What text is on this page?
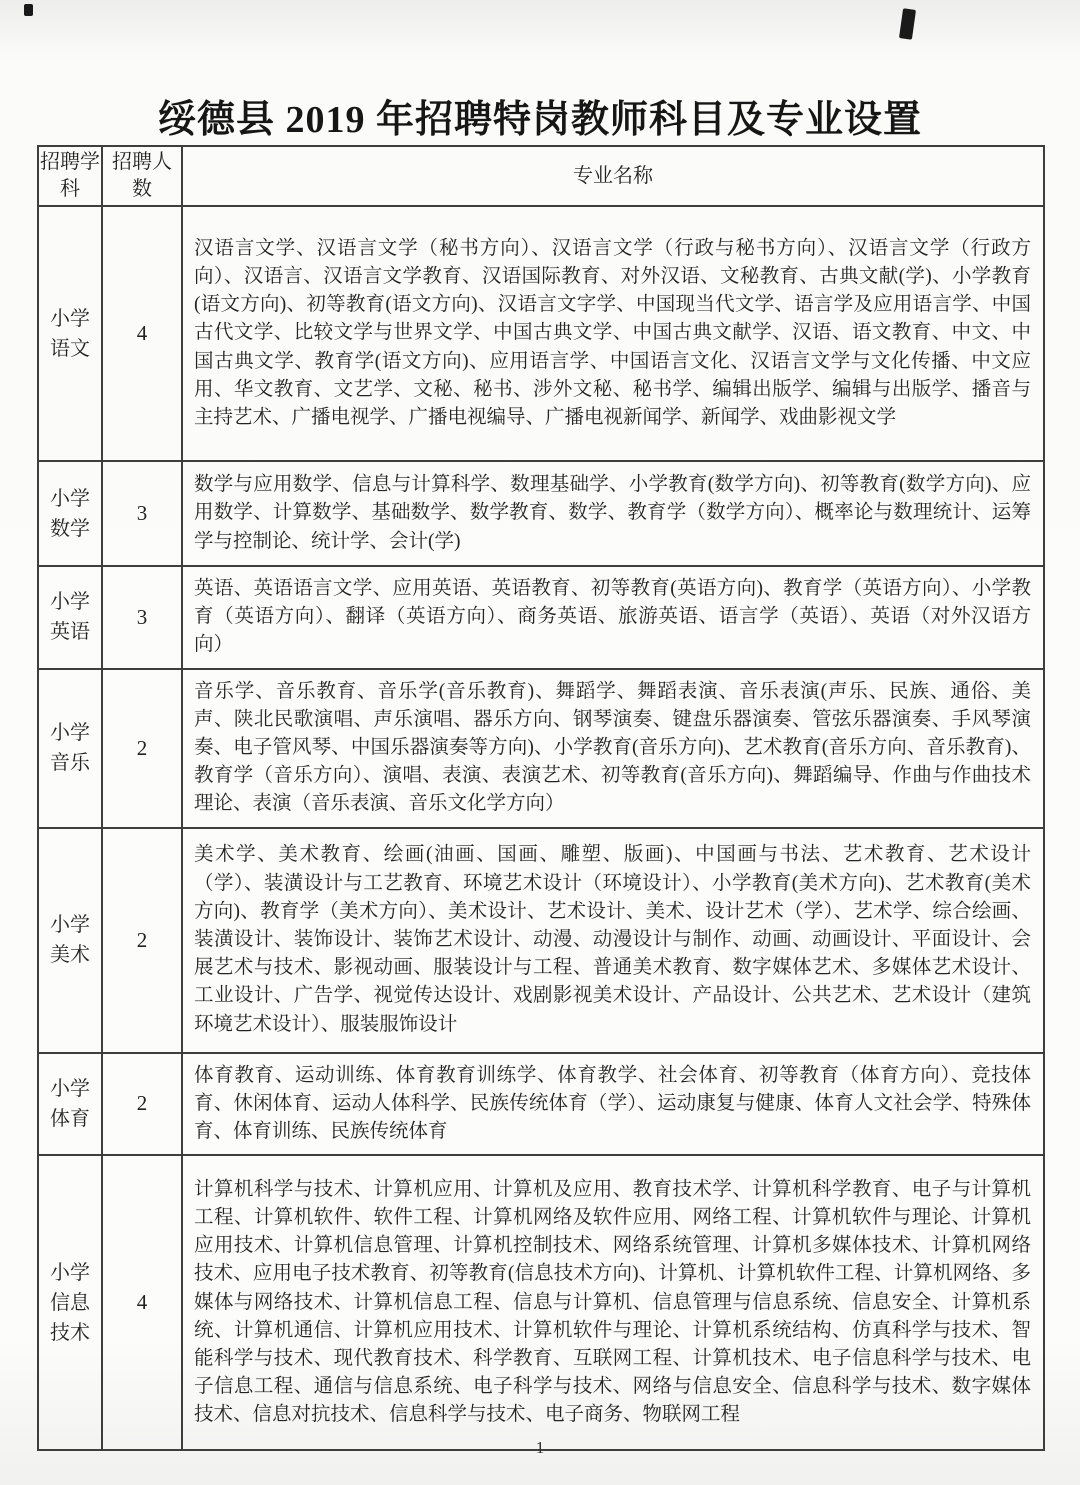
绥德县 2019 年招聘特岗教师科目及专业设置
招聘学科	招聘人数	专业名称
小学语文	4	汉语言文学、汉语言文学（秘书方向）、汉语言文学（行政与秘书方向）、汉语言文学（行政方向）、汉语言、汉语言文学教育、汉语国际教育、对外汉语、文秘教育、古典文献(学)、小学教育(语文方向)、初等教育(语文方向)、汉语言文字学、中国现当代文学、语言学及应用语言学、中国古代文学、比较文学与世界文学、中国古典文学、中国古典文献学、汉语、语文教育、中文、中国古典文学、教育学(语文方向)、应用语言学、中国语言文化、汉语言文学与文化传播、中文应用、华文教育、文艺学、文秘、秘书、涉外文秘、秘书学、编辑出版学、编辑与出版学、播音与主持艺术、广播电视学、广播电视编导、广播电视新闻学、新闻学、戏曲影视文学
小学数学	3	数学与应用数学、信息与计算科学、数理基础学、小学教育(数学方向)、初等教育(数学方向)、应用数学、计算数学、基础数学、数学教育、数学、教育学（数学方向）、概率论与数理统计、运筹学与控制论、统计学、会计(学)
小学英语	3	英语、英语语言文学、应用英语、英语教育、初等教育(英语方向)、教育学（英语方向）、小学教育（英语方向）、翻译（英语方向）、商务英语、旅游英语、语言学（英语）、英语（对外汉语方向）
小学音乐	2	音乐学、音乐教育、音乐学(音乐教育)、舞蹈学、舞蹈表演、音乐表演(声乐、民族、通俗、美声、陕北民歌演唱、声乐演唱、器乐方向、钢琴演奏、键盘乐器演奏、管弦乐器演奏、手风琴演奏、电子管风琴、中国乐器演奏等方向)、小学教育(音乐方向)、艺术教育(音乐方向、音乐教育)、教育学（音乐方向）、演唱、表演、表演艺术、初等教育(音乐方向)、舞蹈编导、作曲与作曲技术理论、表演（音乐表演、音乐文化学方向）
小学美术	2	美术学、美术教育、绘画(油画、国画、雕塑、版画)、中国画与书法、艺术教育、艺术设计（学）、装潢设计与工艺教育、环境艺术设计（环境设计）、小学教育(美术方向)、艺术教育(美术方向)、教育学（美术方向）、美术设计、艺术设计、美术、设计艺术（学）、艺术学、综合绘画、装潢设计、装饰设计、装饰艺术设计、动漫、动漫设计与制作、动画、动画设计、平面设计、会展艺术与技术、影视动画、服装设计与工程、普通美术教育、数字媒体艺术、多媒体艺术设计、工业设计、广告学、视觉传达设计、戏剧影视美术设计、产品设计、公共艺术、艺术设计（建筑环境艺术设计）、服装服饰设计
小学体育	2	体育教育、运动训练、体育教育训练学、体育教学、社会体育、初等教育（体育方向）、竞技体育、休闲体育、运动人体科学、民族传统体育（学）、运动康复与健康、体育人文社会学、特殊体育、体育训练、民族传统体育
小学信息技术	4	计算机科学与技术、计算机应用、计算机及应用、教育技术学、计算机科学教育、电子与计算机工程、计算机软件、软件工程、计算机网络及软件应用、网络工程、计算机软件与理论、计算机应用技术、计算机信息管理、计算机控制技术、网络系统管理、计算机多媒体技术、计算机网络技术、应用电子技术教育、初等教育(信息技术方向)、计算机、计算机软件工程、计算机网络、多媒体与网络技术、计算机信息工程、信息与计算机、信息管理与信息系统、信息安全、计算机系统、计算机通信、计算机应用技术、计算机软件与理论、计算机系统结构、仿真科学与技术、智能科学与技术、现代教育技术、科学教育、互联网工程、计算机技术、电子信息科学与技术、电子信息工程、通信与信息系统、电子科学与技术、网络与信息安全、信息科学与技术、数字媒体技术、信息对抗技术、信息科学与技术、电子商务、物联网工程
1
